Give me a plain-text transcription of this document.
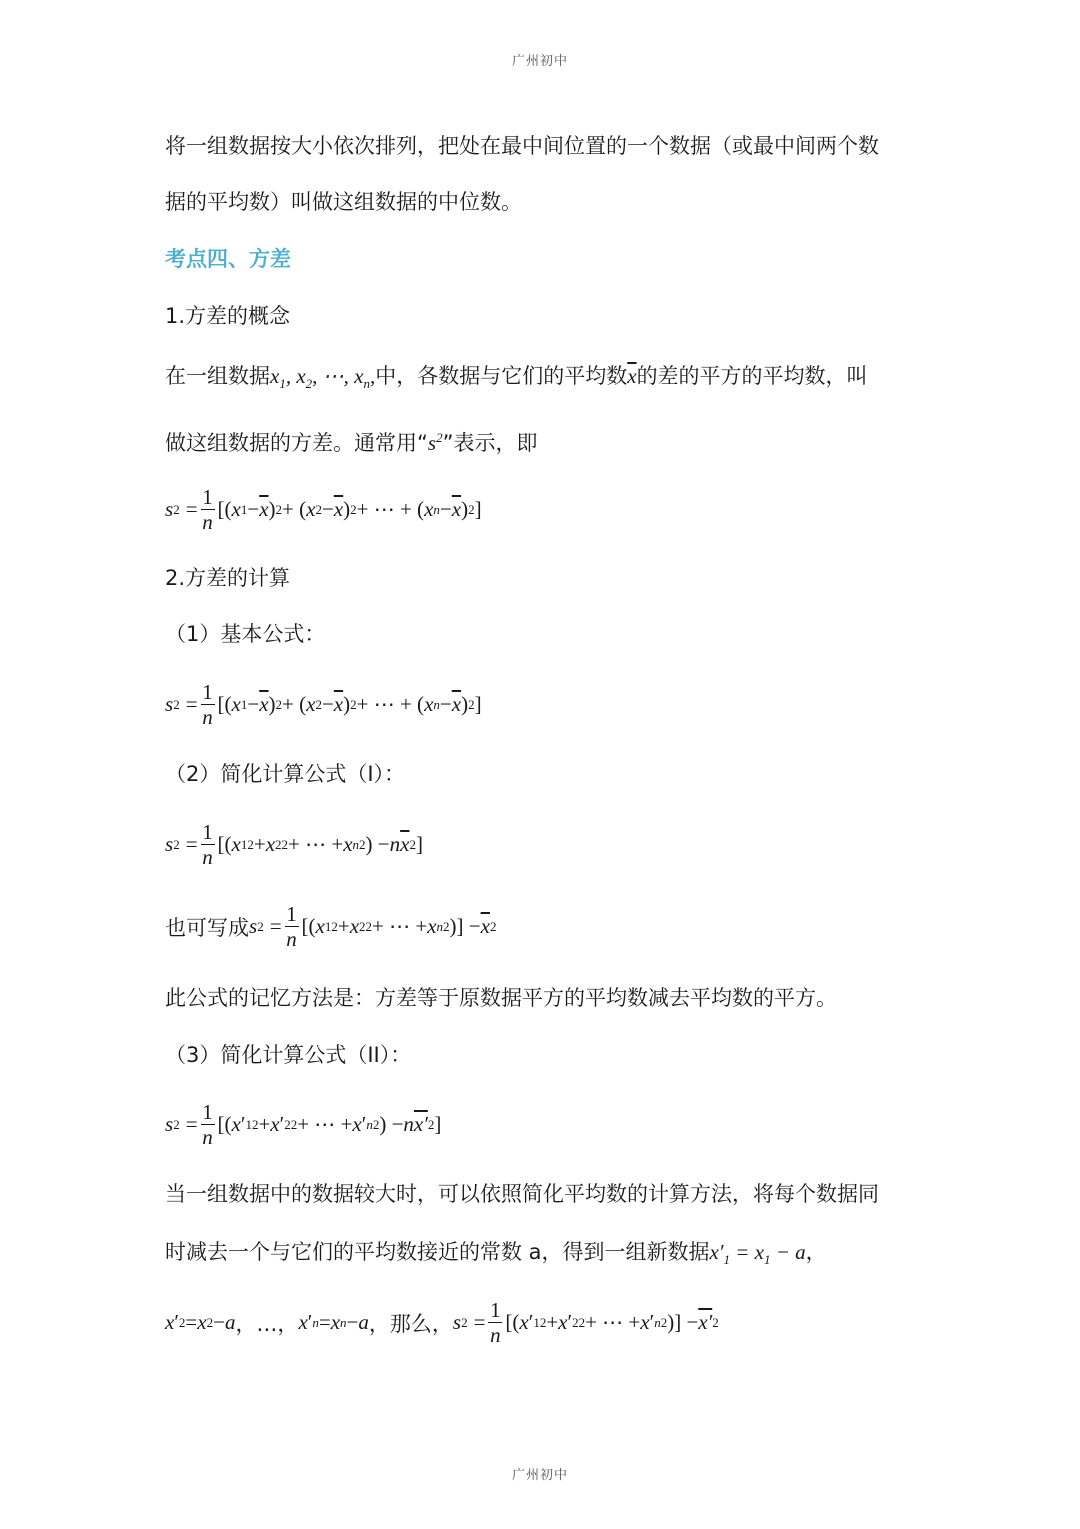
广州初中
将一组数据按大小依次排列，把处在最中间位置的一个数据（或最中间两个数
据的平均数）叫做这组数据的中位数。
考点四、方差
1.方差的概念
在一组数据$x_1$, $x_2$, ⋯, $x_n$,中，各数据与它们的平均数$\overline{x}$的差的平方的平均数，叫
做这组数据的方差。通常用“$s^2$”表示，即
s $2 = \frac{1}{n}$ [( x $1 - \overline{x}$ ) 2 + ( x $2 - \overline{x}$ ) 2 + ⋯ + ( x $n - \overline{x}$ ) 2 ]
2.方差的计算
（1）基本公式：
s $2 = \frac{1}{n}$ [( x $1 - \overline{x}$ ) 2 + ( x $2 - \overline{x}$ ) 2 + ⋯ + ( x $n - \overline{x}$ ) 2 ]
（2）简化计算公式（I）：
s $2 = \frac{1}{n}$ [( x 1 2 + x 2 2 + ⋯ + x n 2 ) − n $\overline{x}$ 2 ]
也可写成 s $2 = \frac{1}{n}$ [( x 1 2 + x 2 2 + ⋯ + x n 2 )] − $\overline{x}$ 2
此公式的记忆方法是：方差等于原数据平方的平均数减去平均数的平方。
（3）简化计算公式（II）：
s $2 = \frac{1}{n}$ [( x ′ 1 2 + x ′ 2 2 + ⋯ + x ′ n 2 ) − n x′ 2 ]
当一组数据中的数据较大时，可以依照简化平均数的计算方法，将每个数据同
时减去一个与它们的平均数接近的常数 a，得到一组新数据$x'_1 = x_1 - a$，
x ′ 2 = x 2 − a ，…， x ′ n = x n − a ，那么， s $2 = \frac{1}{n}$ [( x ′ 1 2 + x ′ 2 2 + ⋯ + x ′ n 2 )] − x′ 2
广州初中
